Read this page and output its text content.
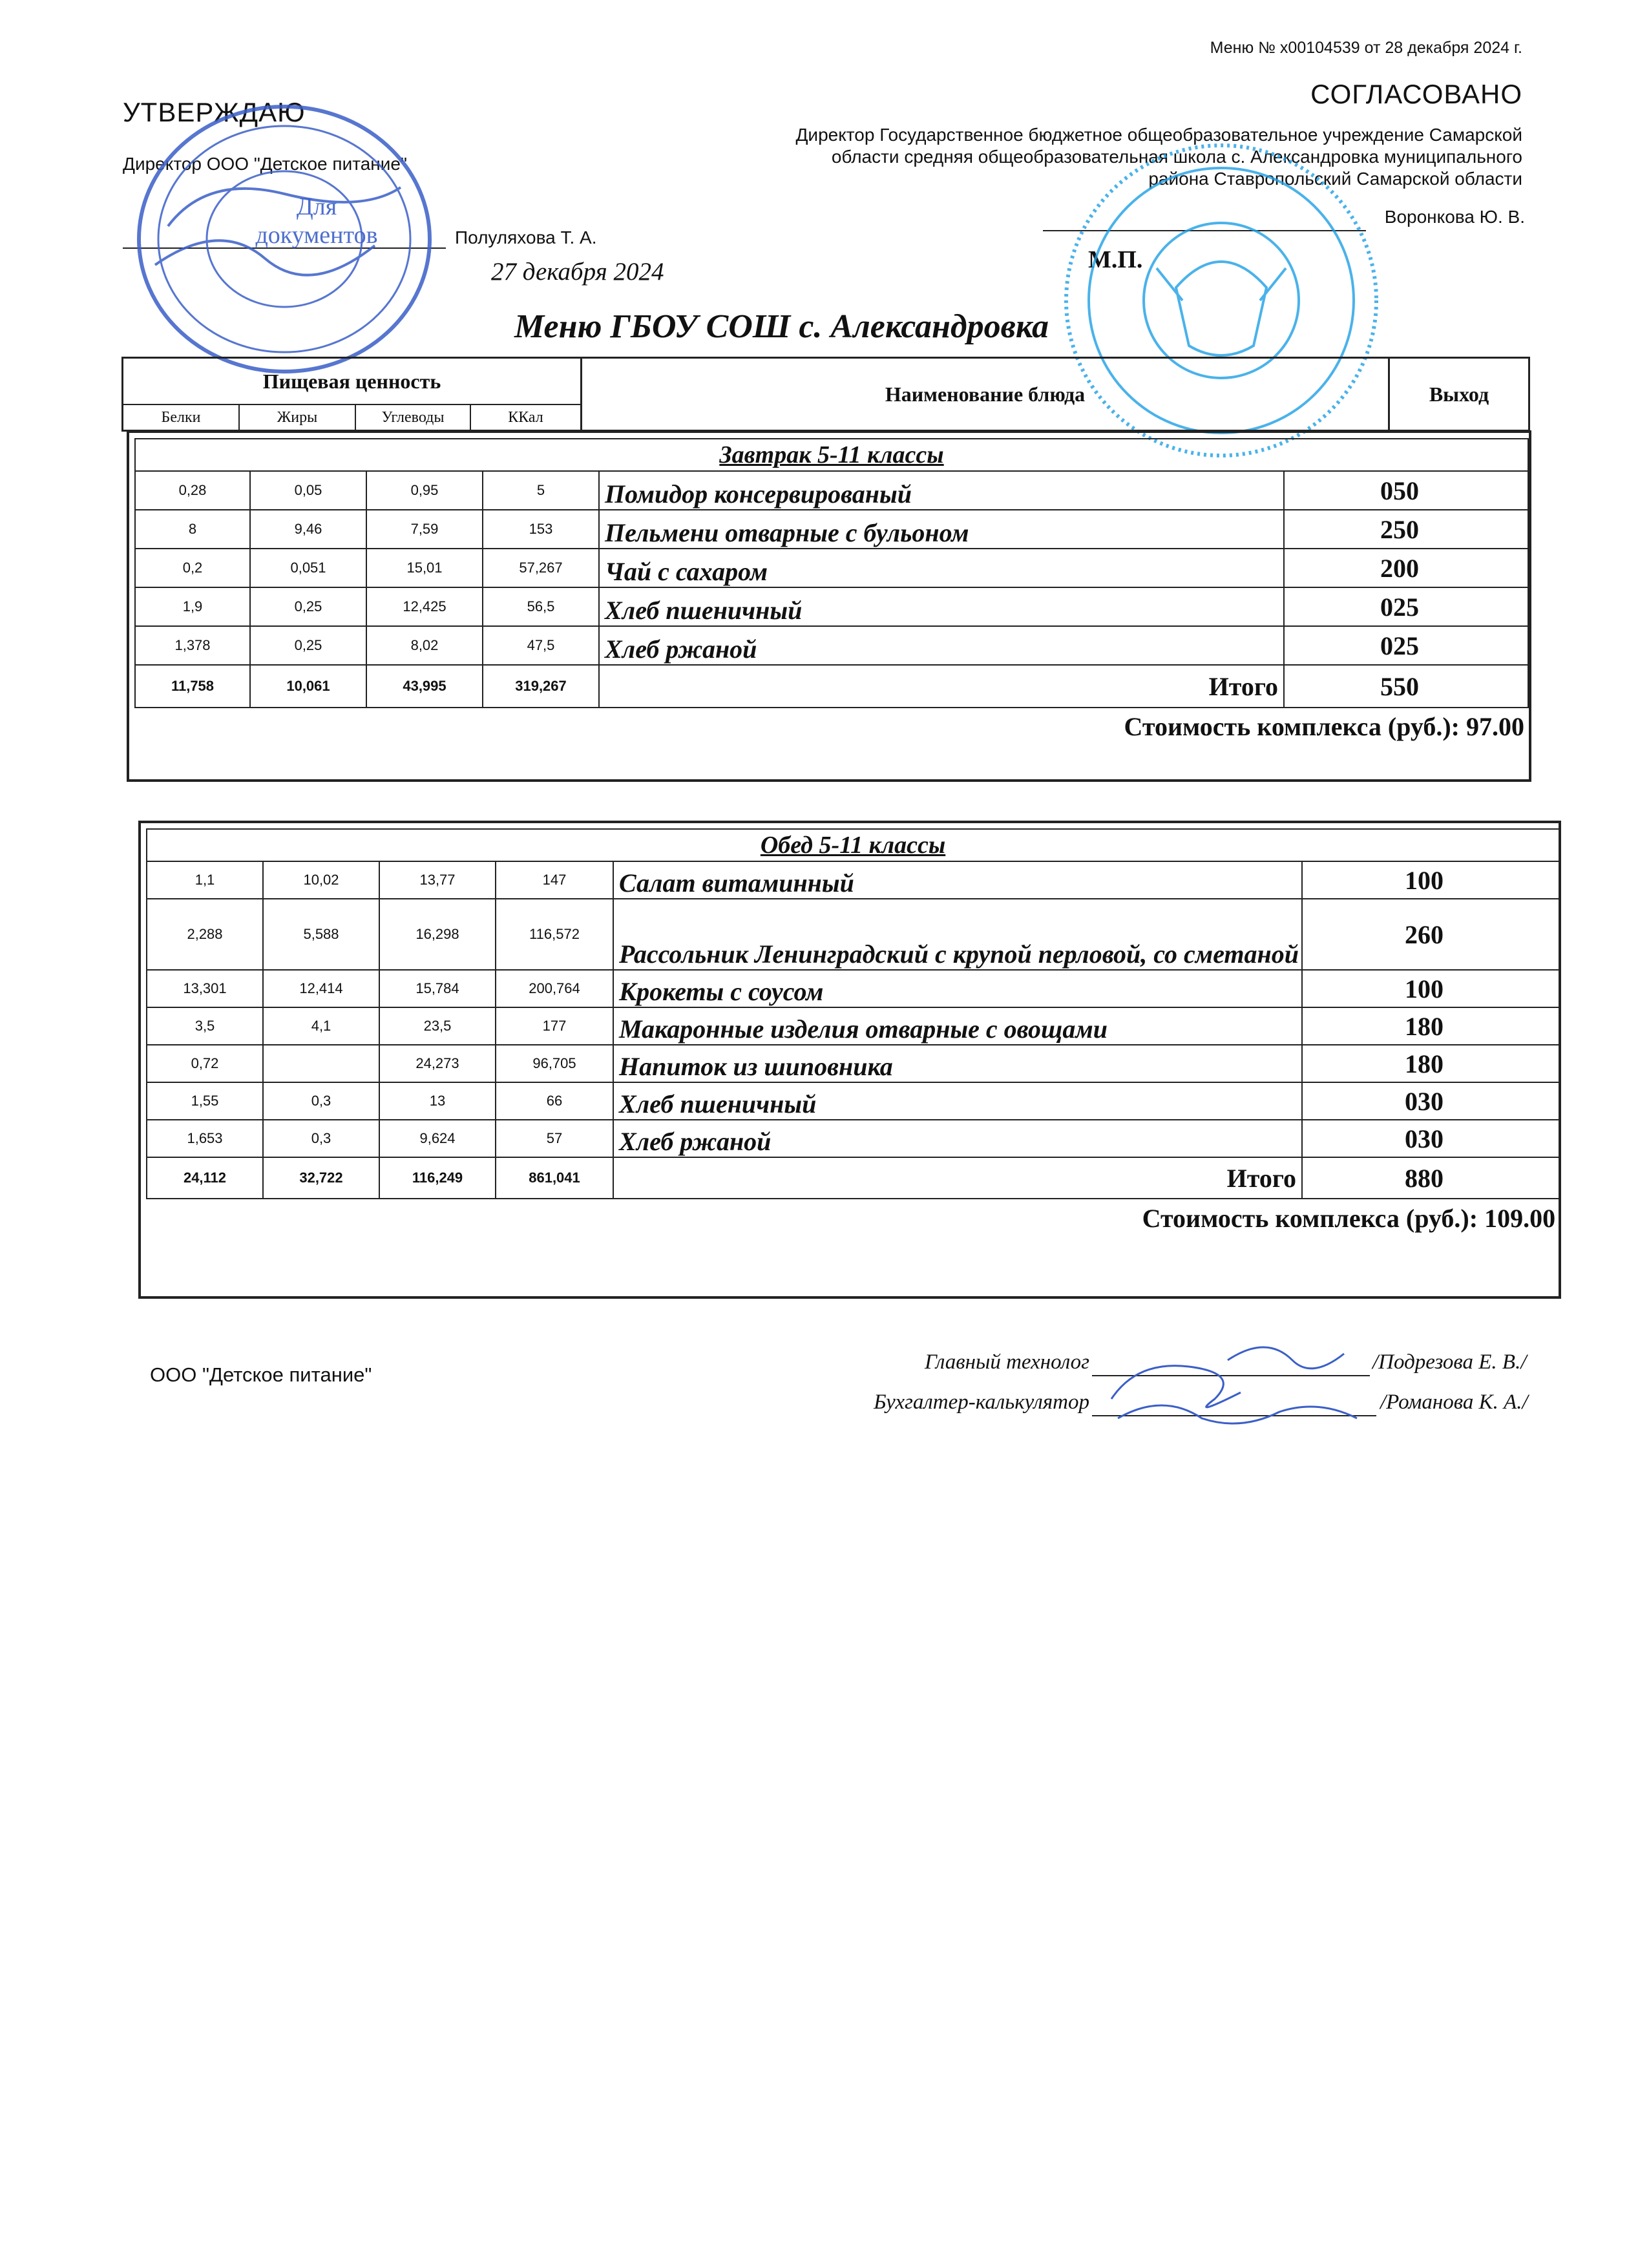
Меню № х00104539 от 28 декабря 2024 г.
УТВЕРЖДАЮ
Директор ООО "Детское питание"
Полуляхова Т. А.
27 декабря 2024
СОГЛАСОВАНО
Директор Государственное бюджетное общеобразовательное учреждение Самарской
области средняя общеобразовательная школа с. Александровка муниципального
района Ставропольский Самарской области
Воронкова Ю. В.
М.П.
Для документов
Меню ГБОУ СОШ с. Александровка
Пищевая ценность
Белки	Жиры	Углеводы	ККал
Наименование блюда	Выход
Завтрак 5-11 классы					
0,28	0,05	0,95	5	Помидор консервированый	050
8	9,46	7,59	153	Пельмени отварные с бульоном	250
0,2	0,051	15,01	57,267	Чай с сахаром	200
1,9	0,25	12,425	56,5	Хлеб пшеничный	025
1,378	0,25	8,02	47,5	Хлеб ржаной	025
11,758	10,061	43,995	319,267	Итого	550
Стоимость комплекса (руб.): 97.00					
Обед 5-11 классы					
1,1	10,02	13,77	147	Салат витаминный	100
2,288	5,588	16,298	116,572	Рассольник Ленинградский с крупой перловой, со сметаной	260
13,301	12,414	15,784	200,764	Крокеты с соусом	100
3,5	4,1	23,5	177	Макаронные изделия отварные с овощами	180
0,72		24,273	96,705	Напиток из шиповника	180
1,55	0,3	13	66	Хлеб пшеничный	030
1,653	0,3	9,624	57	Хлеб ржаной	030
24,112	32,722	116,249	861,041	Итого	880
Стоимость комплекса (руб.): 109.00					
ООО "Детское питание"
Главный технолог	/Подрезова Е. В./
Бухгалтер-калькулятор	/Романова К. А./
